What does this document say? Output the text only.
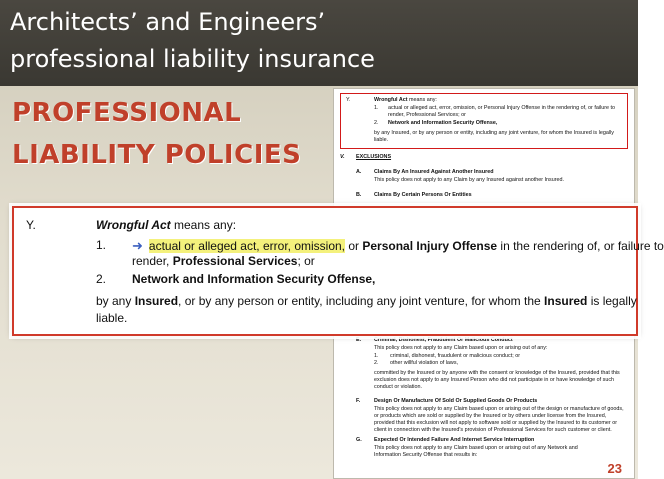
Architects’ and Engineers’
professional liability insurance
PROFESSIONAL
LIABILITY POLICIES
Y.	Wrongful Act means any:
1. actual or alleged act, error, omission, or Personal Injury Offense in the rendering of, or failure to
render, Professional Services; or
2. Network and Information Security Offense,
by any Insured, or by any person or entity, including any joint venture, for whom the Insured is legally
liable.
V. EXCLUSIONS
A. Claims By An Insured Against Another Insured
This policy does not apply to any Claim by any Insured against another Insured.
B. Claims By Certain Persons Or Entities
E. Criminal, Dishonest, Fraudulent Or Malicious Conduct
This policy does not apply to any Claim based upon or arising out of any:
1. criminal, dishonest, fraudulent or malicious conduct; or
2. other willful violation of laws,
committed by the Insured or by anyone with the consent or knowledge of the Insured, provided that this exclusion does not apply to any Insured Person who did not participate in or have knowledge of such conduct or violation.
F.	Design Or Manufacture Of Sold Or Supplied Goods Or Products
This policy does not apply to any Claim based upon or arising out of the design or manufacture of goods, or products which are sold or supplied by the Insured or by others under license from the Insured, provided that this exclusion will not apply to software sold or supplied by the Insured to its customer or client in connection with the Insured's provision of Professional Services for such customer or client.
G. Expected Or Intended Failure And Internet Service Interruption
This policy does not apply to any Claim based upon or arising out of any Network and Information Security Offense that results in:
23
Y.	Wrongful Act means any:
1. ➜ actual or alleged act, error, omission, or Personal Injury Offense in the rendering of, or failure to
render, Professional Services; or
2. Network and Information Security Offense,
by any Insured, or by any person or entity, including any joint venture, for whom the Insured is legally
liable.
